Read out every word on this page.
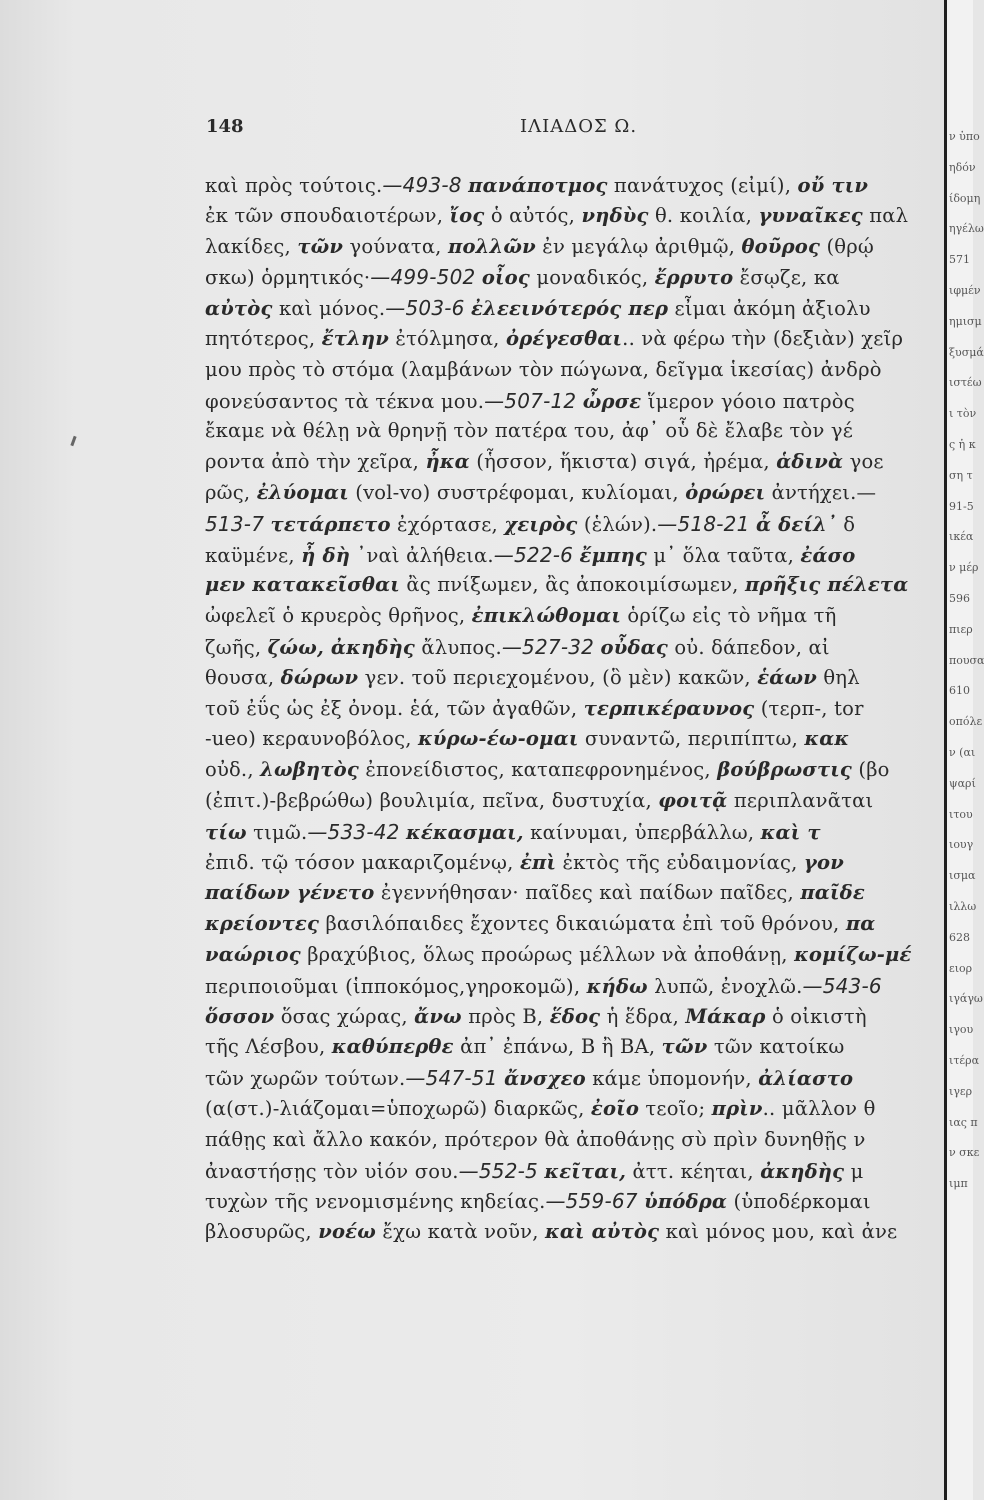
148	ΙΛΙΑΔΟΣ Ω.
καὶ πρὸς τούτοις.—493-8 πανάποτμος πανάτυχος (εἰμί), οὔ τιν
ἐκ τῶν σπουδαιοτέρων, ἴος ὁ αὐτός, νηδὺς θ. κοιλία, γυναῖκες παλ
λακίδες, τῶν γούνατα, πολλῶν ἐν μεγάλῳ ἀριθμῷ, θοῦρος (θρῴ
σκω) ὁρμητικός·—499-502 οἶος μοναδικός, ἔρρυτο ἔσῳζε, κα
αὐτὸς καὶ μόνος.—503-6 ἐλεεινότερός περ εἶμαι ἀκόμη ἀξιολυ
πητότερος, ἔτλην ἐτόλμησα, ὀρέγεσθαι.. νὰ φέρω τὴν (δεξιὰν) χεῖρ
μου πρὸς τὸ στόμα (λαμβάνων τὸν πώγωνα, δεῖγμα ἱκεσίας) ἀνδρὸ
φονεύσαντος τὰ τέκνα μου.—507-12 ὦρσε ἵμερον γόοιο πατρὸς
ἔκαμε νὰ θέλῃ νὰ θρηνῇ τὸν πατέρα του, ἀφ᾽ οὗ δὲ ἔλαβε τὸν γέ
ροντα ἀπὸ τὴν χεῖρα, ἦκα (ἧσσον, ἥκιστα) σιγά, ἠρέμα, ἁδινὰ γοε
ρῶς, ἐλύομαι (vol-vo) συστρέφομαι, κυλίομαι, ὀρώρει ἀντήχει.—
513-7 τετάρπετο ἐχόρτασε, χειρὸς (ἑλών).—518-21 ἆ δείλ᾽ δ
καϋμένε, ἦ δὴ ᾽ναὶ ἀλήθεια.—522-6 ἔμπης μ᾽ ὅλα ταῦτα, ἐάσο
μεν κατακεῖσθαι ἂς πνίξωμεν, ἂς ἀποκοιμίσωμεν, πρῆξις πέλετα
ὠφελεῖ ὁ κρυερὸς θρῆνος, ἐπικλώθομαι ὁρίζω εἰς τὸ νῆμα τῆ
ζωῆς, ζώω, ἀκηδὴς ἄλυπος.—527-32 οὖδας οὐ. δάπεδον, αἰ
θουσα, δώρων γεν. τοῦ περιεχομένου, (ὃ μὲν) κακῶν, ἑάων θηλ
τοῦ ἐΰς ὡς ἐξ ὀνομ. ἑά, τῶν ἀγαθῶν, τερπικέραυνος (τερπ-, tor
-ueo) κεραυνοβόλος, κύρω-έω-ομαι συναντῶ, περιπίπτω, κακ
οὐδ., λωβητὸς ἐπονείδιστος, καταπεφρονημένος, βούβρωστις (βο
(ἐπιτ.)-βεβρώθω) βουλιμία, πεῖνα, δυστυχία, φοιτᾷ περιπλανᾶται
τίω τιμῶ.—533-42 κέκασμαι, καίνυμαι, ὑπερβάλλω, καὶ τ
ἐπιδ. τῷ τόσον μακαριζομένῳ, ἐπὶ ἐκτὸς τῆς εὐδαιμονίας, γον
παίδων γένετο ἐγεννήθησαν· παῖδες καὶ παίδων παῖδες, παῖδε
κρείοντες βασιλόπαιδες ἔχοντες δικαιώματα ἐπὶ τοῦ θρόνου, πα
ναώριος βραχύβιος, ὅλως προώρως μέλλων νὰ ἀποθάνῃ, κομίζω-μέ
περιποιοῦμαι (ἱπποκόμος,γηροκομῶ), κήδω λυπῶ, ἐνοχλῶ.—543-6
ὅσσον ὅσας χώρας, ἄνω πρὸς Β, ἕδος ἡ ἕδρα, Μάκαρ ὁ οἰκιστὴ
τῆς Λέσβου, καθύπερθε ἀπ᾽ ἐπάνω, Β ἢ ΒΑ, τῶν τῶν κατοίκω
τῶν χωρῶν τούτων.—547-51 ἄνσχεο κάμε ὑπομονήν, ἀλίαστο
(α(στ.)-λιάζομαι=ὑποχωρῶ) διαρκῶς, ἐοῖο τεοῖο; πρὶν.. μᾶλλον θ
πάθῃς καὶ ἄλλο κακόν, πρότερον θὰ ἀποθάνῃς σὺ πρὶν δυνηθῇς ν
ἀναστήσῃς τὸν υἱόν σου.—552-5 κεῖται, ἀττ. κέηται, ἀκηδὴς μ
τυχὼν τῆς νενομισμένης κηδείας.—559-67 ὑπόδρα (ὑποδέρκομαι
βλοσυρῶς, νοέω ἔχω κατὰ νοῦν, καὶ αὐτὸς καὶ μόνος μου, καὶ ἀνε
ν ὑπο
ηδόν
ίδομη
ηγέλω
571
ιφμέν
ημισμ
ξυσμά
ιστέω
ι τὸν
ς ἡ κ
ση τ
91-5
ικέα
ν μέρ
596
πιερ
πουσα
610
οπόλε
ν (αι
ψαρί
ιτου
ιουγ
ισμα
ιλλω
628
ειορ
ιγάγω
ιγου
ιτέρα
ιγερ
ιας π
ν σκε
ιμπ
